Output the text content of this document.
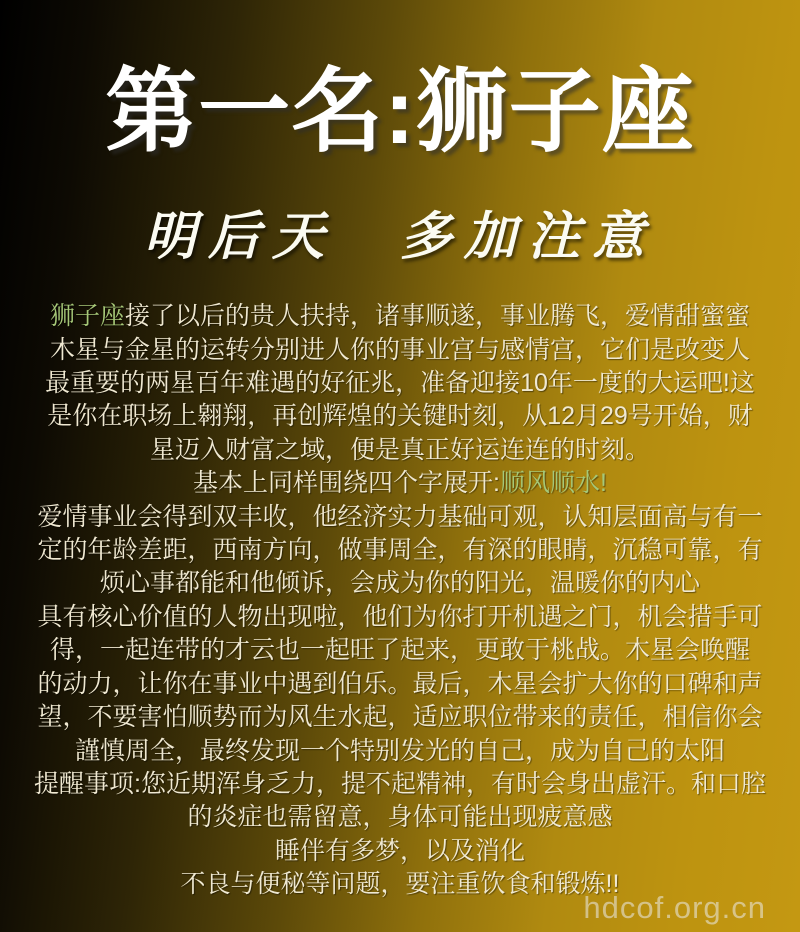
第一名:狮子座
明后天　多加注意
狮子座接了以后的贵人扶持，诸事顺遂，事业腾飞，爱情甜蜜蜜
木星与金星的运转分别进人你的事业宫与感情宫，它们是改变人
最重要的两星百年难遇的好征兆，准备迎接10年一度的大运吧!这
是你在职场上翱翔，再创辉煌的关键时刻，从12月29号开始，财
星迈入财富之域，便是真正好运连连的时刻。
基本上同样围绕四个字展开:顺风顺水!
爱情事业会得到双丰收，他经济实力基础可观，认知层面高与有一
定的年龄差距，西南方向，做事周全，有深的眼睛，沉稳可靠，有
烦心事都能和他倾诉，会成为你的阳光，温暖你的内心
具有核心价值的人物出现啦，他们为你打开机遇之门，机会措手可
得，一起连带的才云也一起旺了起来，更敢于桃战。木星会唤醒
的动力，让你在事业中遇到伯乐。最后，木星会扩大你的口碑和声
望，不要害怕顺势而为风生水起，适应职位带来的责任，相信你会
謹慎周全，最终发现一个特别发光的自己，成为自己的太阳
提醒事项:您近期浑身乏力，提不起精神，有时会身出虚汗。和口腔
的炎症也需留意，身体可能出现疲意感
睡伴有多梦，以及消化
不良与便秘等问题，要注重饮食和锻炼!!
hdcof.org.cn
